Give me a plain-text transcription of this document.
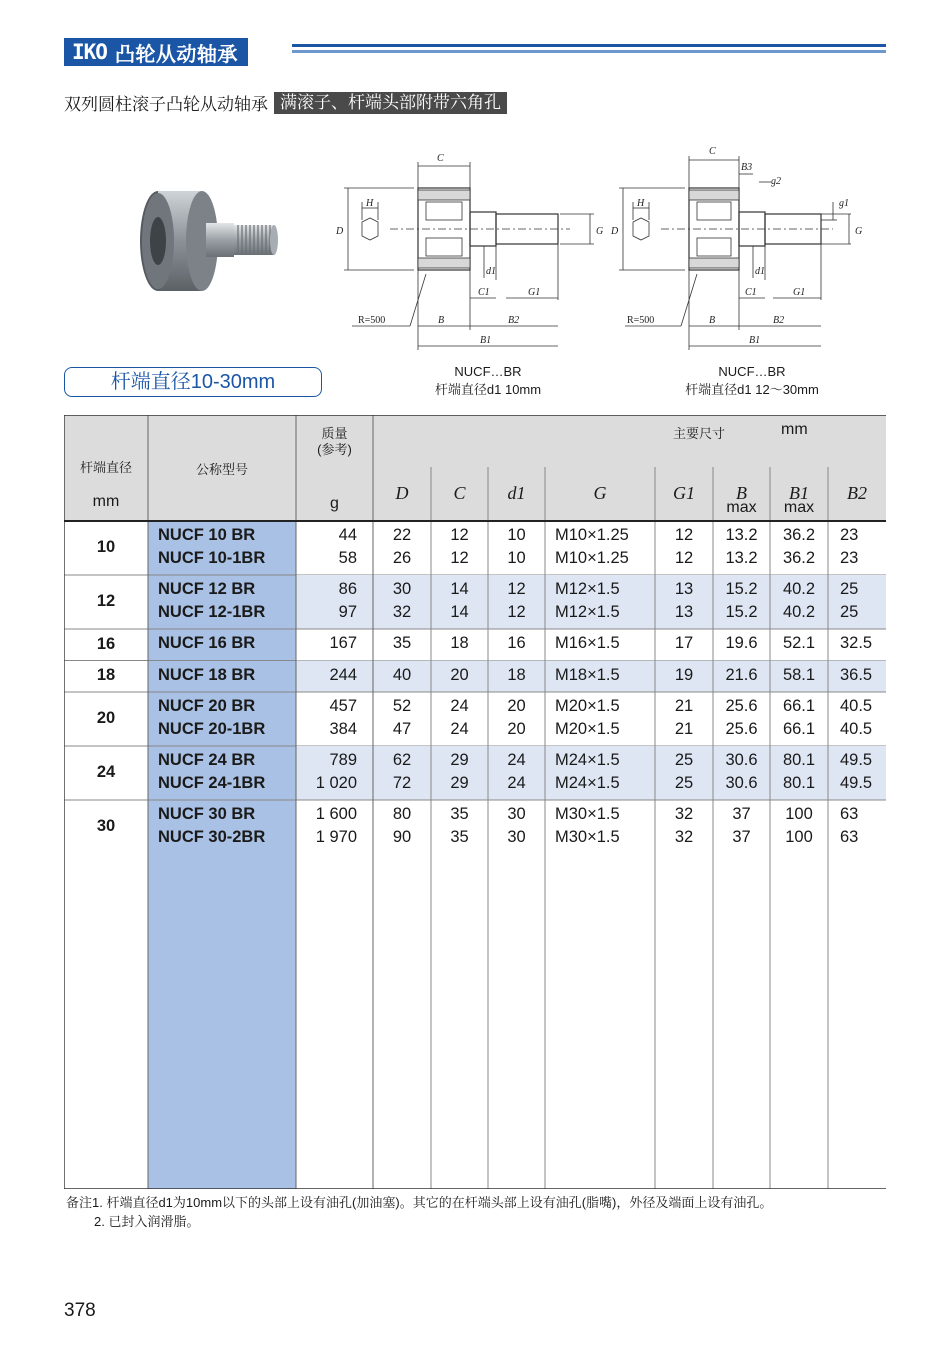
IKO 凸轮从动轴承
双列圆柱滚子凸轮从动轴承 满滚子、杆端头部附带六角孔
C
H
D	G
d1
C1	G1
R=500	B	B2
B1
NUCF…BR
杆端直径d1 10mm
C
B3
g2
g1
H
D	G
d1
C1	G1
R=500	B	B2
B1
NUCF…BR
杆端直径d1 12～30mm
杆端直径10-30mm
10
NUCF 10 BR	44	22	12	10	M10×1.25	12	13.2	36.2	23
NUCF 10-1BR	58	26	12	10	M10×1.25	12	13.2	36.2	23
12
NUCF 12 BR	86	30	14	12	M12×1.5	13	15.2	40.2	25
NUCF 12-1BR	97	32	14	12	M12×1.5	13	15.2	40.2	25
16	NUCF 16 BR	167	35	18	16	M16×1.5	17	19.6	52.1	32.5
18	NUCF 18 BR	244	40	20	18	M18×1.5	19	21.6	58.1	36.5
20
NUCF 20 BR	457	52	24	20	M20×1.5	21	25.6	66.1	40.5
NUCF 20-1BR	384	47	24	20	M20×1.5	21	25.6	66.1	40.5
24
NUCF 24 BR	789	62	29	24	M24×1.5	25	30.6	80.1	49.5
NUCF 24-1BR	1 020	72	29	24	M24×1.5	25	30.6	80.1	49.5
30
NUCF 30 BR	1 600	80	35	30	M30×1.5	32	37	100	63
NUCF 30-2BR	1 970	90	35	30	M30×1.5	32	37	100	63
杆端直径
mm
公称型号
质量
(参考)
g
主要尺寸	mm
D	C	d1	G	G1	B
max
B1
max
B2
备注1. 杆端直径d1为10mm以下的头部上设有油孔(加油塞)。其它的在杆端头部上设有油孔(脂嘴)，外径及端面上设有油孔。
2. 已封入润滑脂。
378
